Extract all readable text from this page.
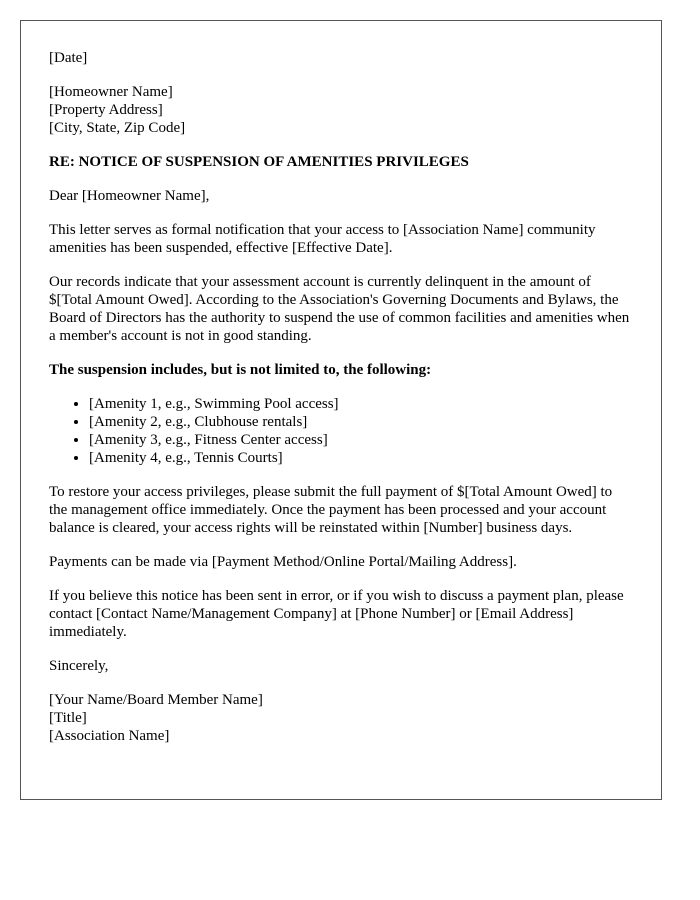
[Date]

[Homeowner Name]

[Property Address]

[City, State, Zip Code]

RE: NOTICE OF SUSPENSION OF AMENITIES PRIVILEGES

Dear [Homeowner Name],

This letter serves as formal notification that your access to [Association Name] community amenities has been suspended, effective [Effective Date].

Our records indicate that your assessment account is currently delinquent in the amount of $[Total Amount Owed]. According to the Association's Governing Documents and Bylaws, the Board of Directors has the authority to suspend the use of common facilities and amenities when a member's account is not in good standing.

The suspension includes, but is not limited to, the following:

• [Amenity 1, e.g., Swimming Pool access]
• [Amenity 2, e.g., Clubhouse rentals]
• [Amenity 3, e.g., Fitness Center access]
• [Amenity 4, e.g., Tennis Courts]

To restore your access privileges, please submit the full payment of $[Total Amount Owed] to the management office immediately. Once the payment has been processed and your account balance is cleared, your access rights will be reinstated within [Number] business days.

Payments can be made via [Payment Method/Online Portal/Mailing Address].

If you believe this notice has been sent in error, or if you wish to discuss a payment plan, please contact [Contact Name/Management Company] at [Phone Number] or [Email Address] immediately.

Sincerely,

[Your Name/Board Member Name]

[Title]

[Association Name]
